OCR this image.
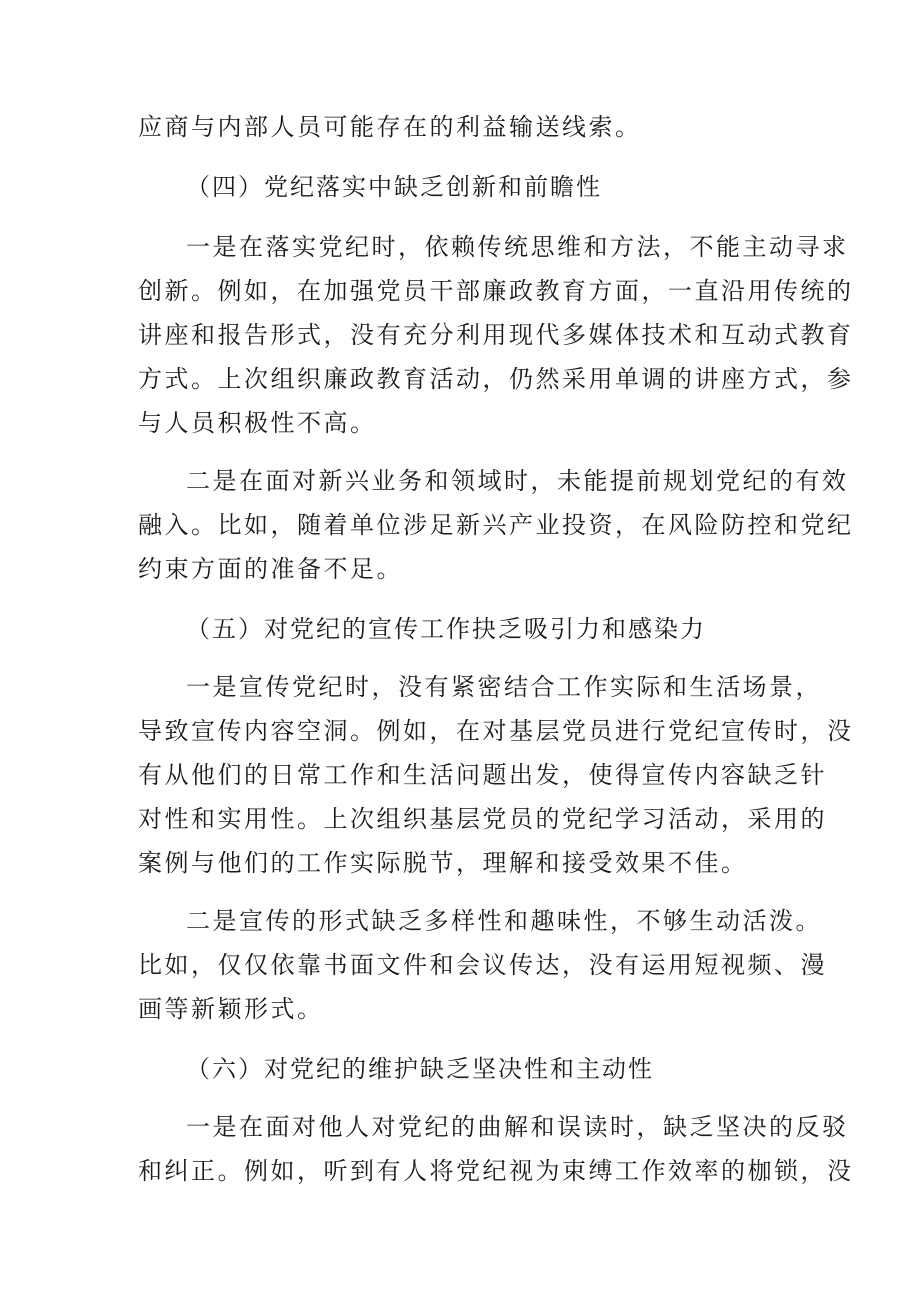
应商与内部人员可能存在的利益输送线索。
（四）党纪落实中缺乏创新和前瞻性
一是在落实党纪时，依赖传统思维和方法，不能主动寻求
创新。例如，在加强党员干部廉政教育方面，一直沿用传统的
讲座和报告形式，没有充分利用现代多媒体技术和互动式教育
方式。上次组织廉政教育活动，仍然采用单调的讲座方式，参
与人员积极性不高。
二是在面对新兴业务和领域时，未能提前规划党纪的有效
融入。比如，随着单位涉足新兴产业投资，在风险防控和党纪
约束方面的准备不足。
（五）对党纪的宣传工作抉乏吸引力和感染力
一是宣传党纪时，没有紧密结合工作实际和生活场景，
导致宣传内容空洞。例如，在对基层党员进行党纪宣传时，没
有从他们的日常工作和生活问题出发，使得宣传内容缺乏针
对性和实用性。上次组织基层党员的党纪学习活动，采用的
案例与他们的工作实际脱节，理解和接受效果不佳。
二是宣传的形式缺乏多样性和趣味性，不够生动活泼。
比如，仅仅依靠书面文件和会议传达，没有运用短视频、漫
画等新颖形式。
（六）对党纪的维护缺乏坚决性和主动性
一是在面对他人对党纪的曲解和误读时，缺乏坚决的反驳
和纠正。例如，听到有人将党纪视为束缚工作效率的枷锁，没
